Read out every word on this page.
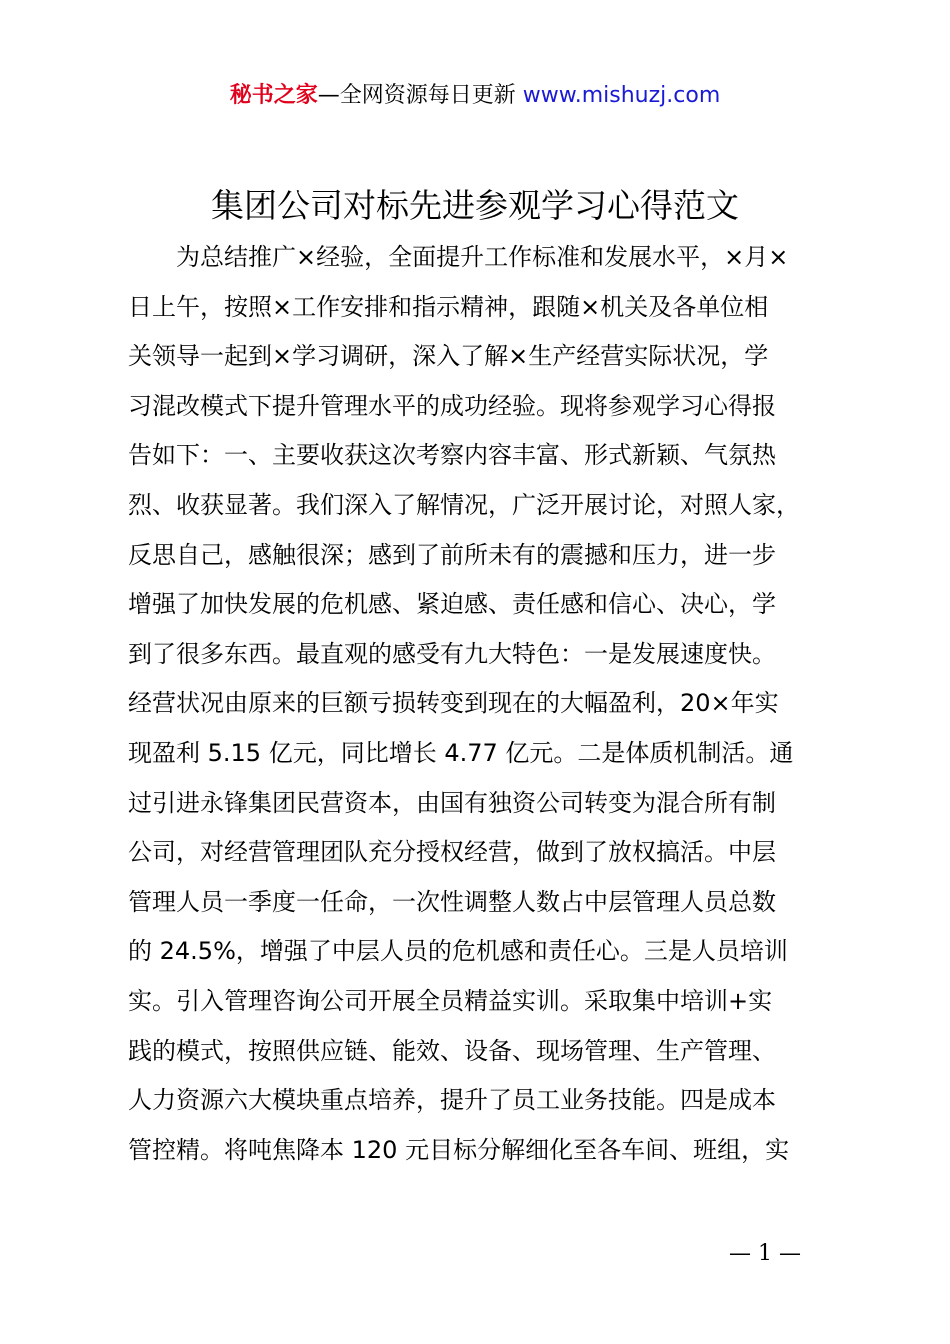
秘书之家—全网资源每日更新 www.mishuzj.com
集团公司对标先进参观学习心得范文
为总结推广×经验，全面提升工作标准和发展水平，×月×
日上午，按照×工作安排和指示精神，跟随×机关及各单位相
关领导一起到×学习调研，深入了解×生产经营实际状况，学
习混改模式下提升管理水平的成功经验。现将参观学习心得报
告如下：一、主要收获这次考察内容丰富、形式新颖、气氛热
烈、收获显著。我们深入了解情况，广泛开展讨论，对照人家，
反思自己，感触很深；感到了前所未有的震撼和压力，进一步
增强了加快发展的危机感、紧迫感、责任感和信心、决心，学
到了很多东西。最直观的感受有九大特色：一是发展速度快。
经营状况由原来的巨额亏损转变到现在的大幅盈利，20×年实
现盈利 5.15 亿元，同比增长 4.77 亿元。二是体质机制活。通
过引进永锋集团民营资本，由国有独资公司转变为混合所有制
公司，对经营管理团队充分授权经营，做到了放权搞活。中层
管理人员一季度一任命，一次性调整人数占中层管理人员总数
的 24.5%，增强了中层人员的危机感和责任心。三是人员培训
实。引入管理咨询公司开展全员精益实训。采取集中培训+实
践的模式，按照供应链、能效、设备、现场管理、生产管理、
人力资源六大模块重点培养，提升了员工业务技能。四是成本
管控精。将吨焦降本 120 元目标分解细化至各车间、班组，实
— 1 —
